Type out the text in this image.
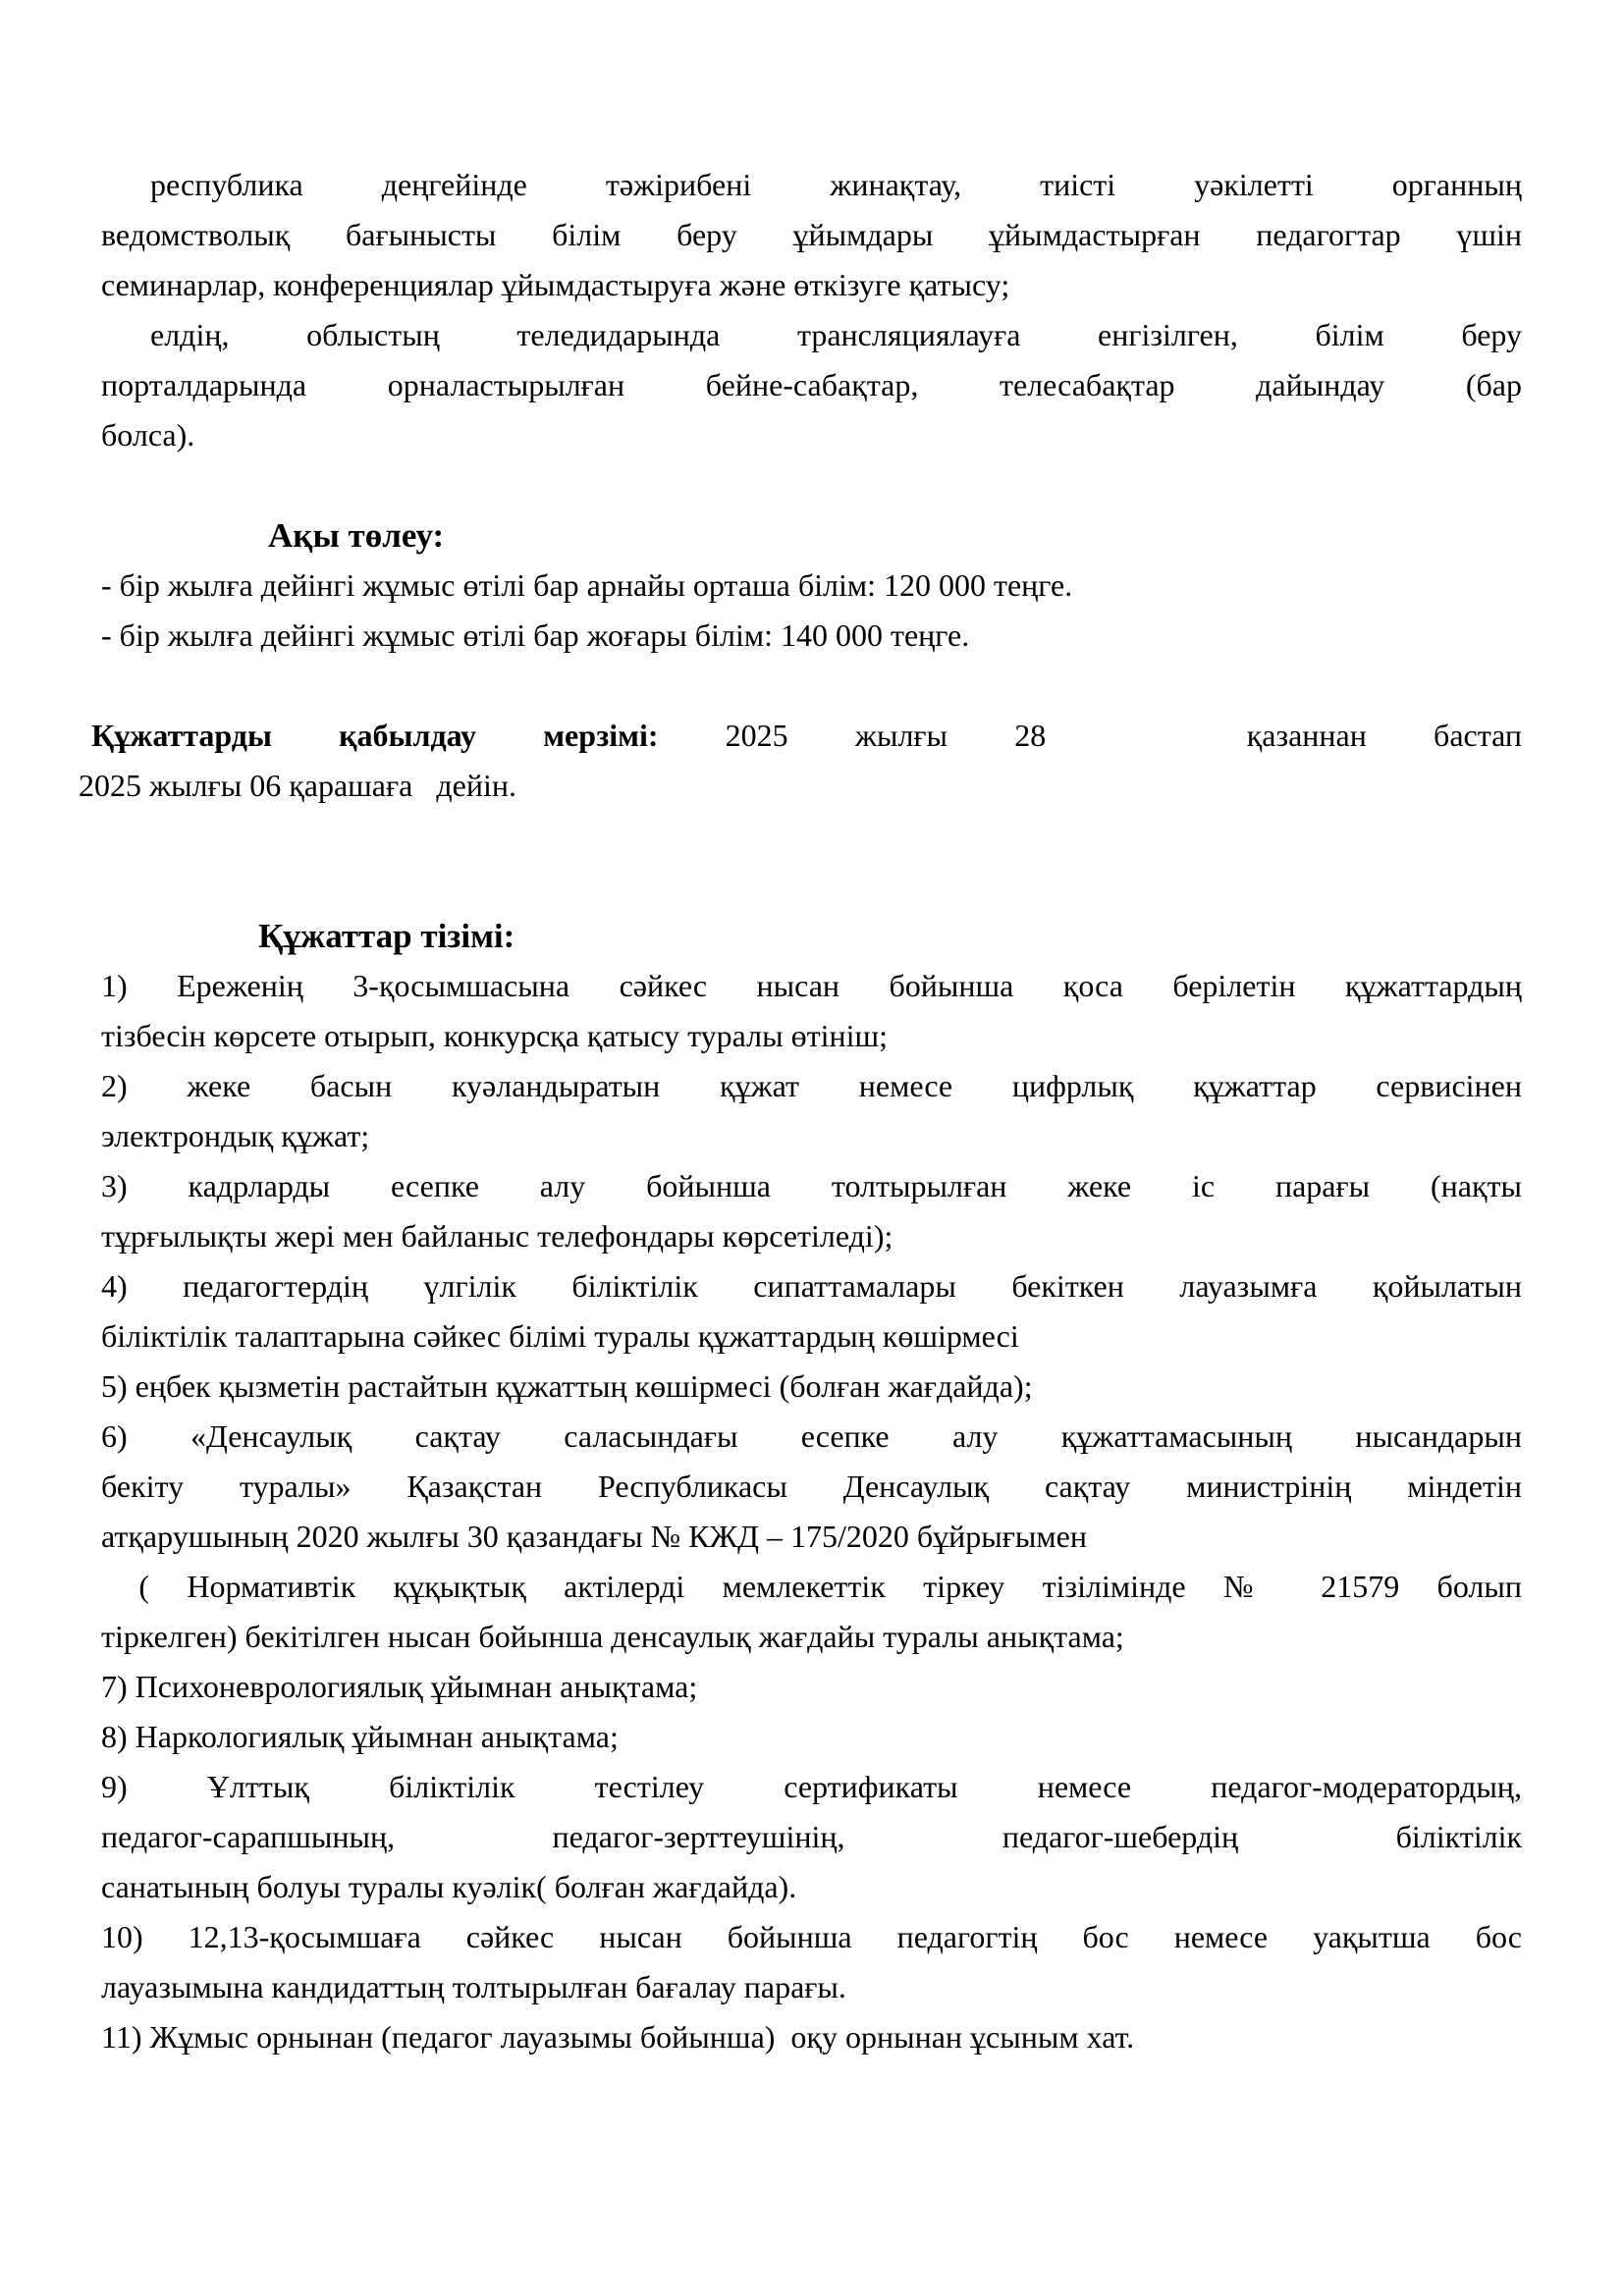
республика деңгейінде тәжірибені жинақтау, тиісті уәкілетті органның
ведомстволық бағынысты білім беру ұйымдары ұйымдастырған педагогтар үшін
семинарлар, конференциялар ұйымдастыруға және өткізуге қатысу;
елдің, облыстың теледидарында трансляциялауға енгізілген, білім беру
порталдарында орналастырылған бейне-сабақтар, телесабақтар дайындау (бар
болса).
Ақы төлеу:
- бір жылға дейінгі жұмыс өтілі бар арнайы орташа білім: 120 000 теңге.
- бір жылға дейінгі жұмыс өтілі бар жоғары білім: 140 000 теңге.
Құжаттарды қабылдау мерзімі: 2025 жылғы 28   қазаннан бастап
2025 жылғы 06 қарашаға   дейін.
Құжаттар тізімі:
1) Ереженің 3-қосымшасына сәйкес нысан бойынша қоса берілетін құжаттардың
тізбесін көрсете отырып, конкурсқа қатысу туралы өтініш;
2) жеке басын куәландыратын құжат немесе цифрлық құжаттар сервисінен
электрондық құжат;
3) кадрларды есепке алу бойынша толтырылған жеке іс парағы (нақты
тұрғылықты жері мен байланыс телефондары көрсетіледі);
4) педагогтердің үлгілік біліктілік сипаттамалары бекіткен лауазымға қойылатын
біліктілік талаптарына сәйкес білімі туралы құжаттардың көшірмесі
5) еңбек қызметін растайтын құжаттың көшірмесі (болған жағдайда);
6) «Денсаулық сақтау саласындағы есепке алу құжаттамасының нысандарын
бекіту туралы» Қазақстан Республикасы Денсаулық сақтау министрінің міндетін
атқарушының 2020 жылғы 30 қазандағы № КЖД – 175/2020 бұйрығымен
( Нормативтік құқықтық актілерді мемлекеттік тіркеу тізілімінде № 21579 болып
тіркелген) бекітілген нысан бойынша денсаулық жағдайы туралы анықтама;
7) Психоневрологиялық ұйымнан анықтама;
8) Наркологиялық ұйымнан анықтама;
9) Ұлттық біліктілік тестілеу сертификаты немесе педагог-модератордың,
педагог-сарапшының, педагог-зерттеушінің, педагог-шебердің біліктілік
санатының болуы туралы куәлік( болған жағдайда).
10) 12,13-қосымшаға сәйкес нысан бойынша педагогтің бос немесе уақытша бос
лауазымына кандидаттың толтырылған бағалау парағы.
11) Жұмыс орнынан (педагог лауазымы бойынша)  оқу орнынан ұсыным хат.
